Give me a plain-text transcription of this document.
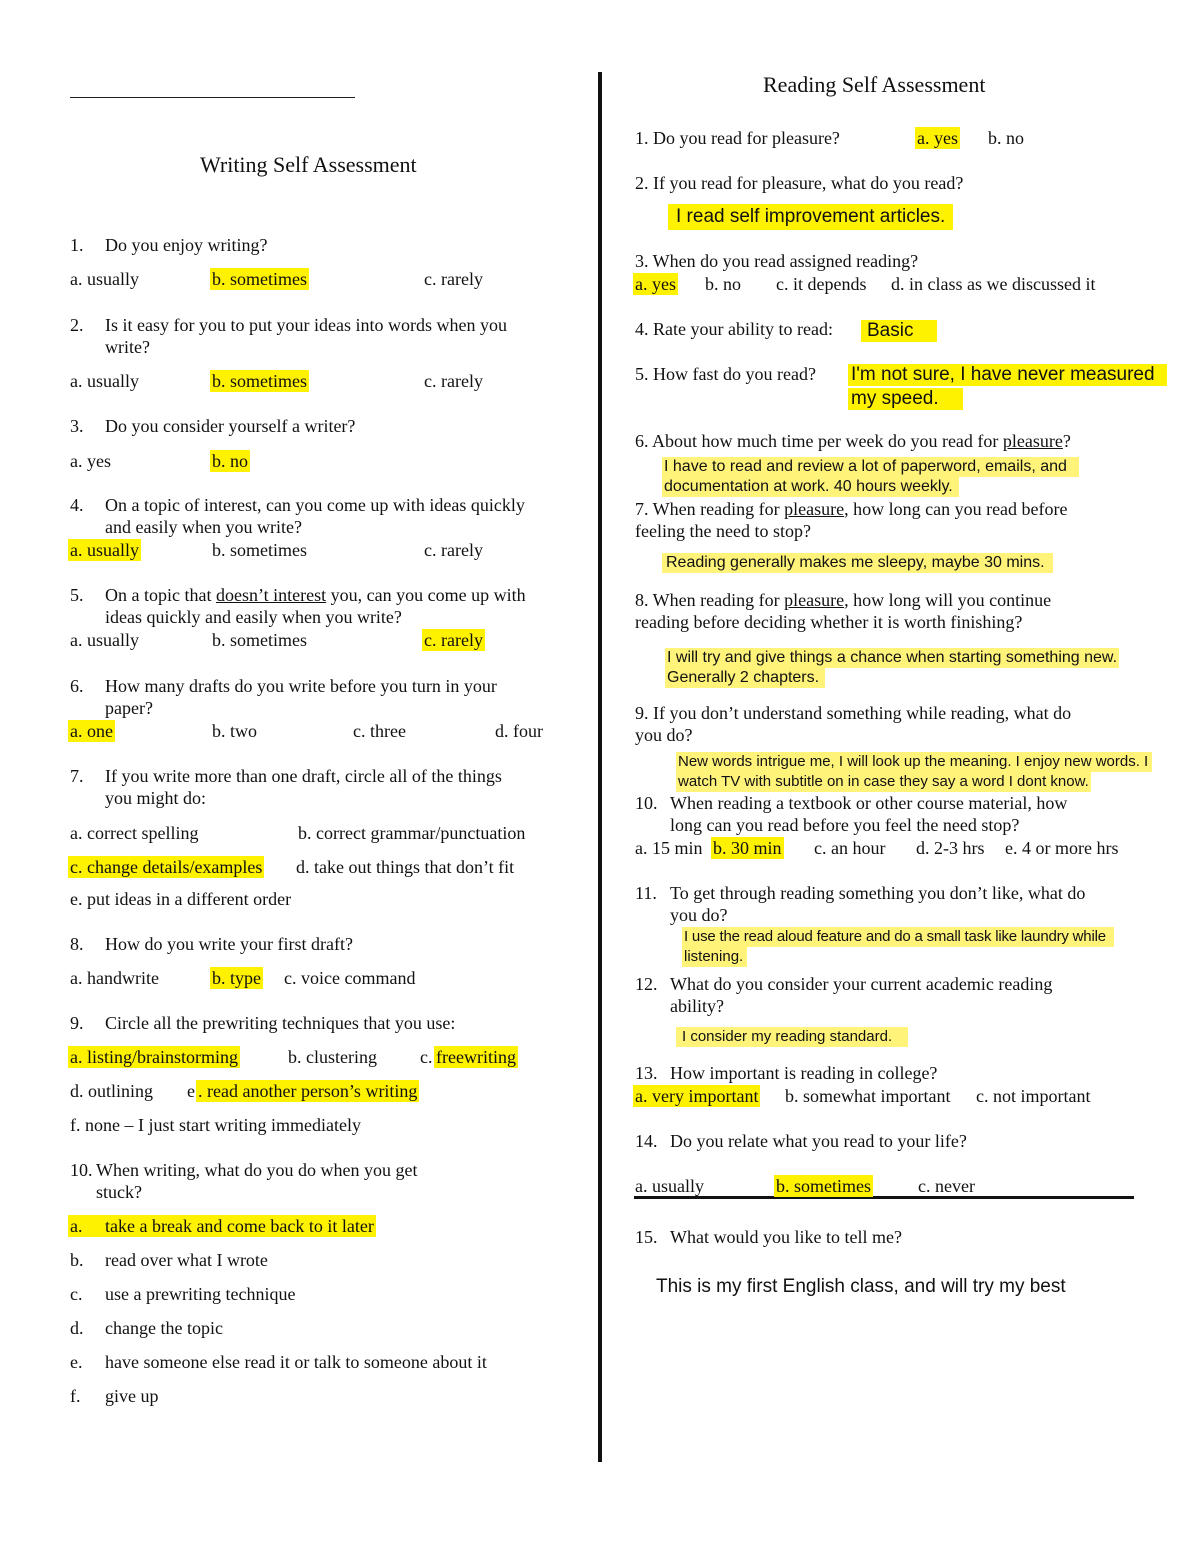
Writing Self Assessment
1. Do you enjoy writing?
a. usually	b. sometimes	c. rarely
2. Is it easy for you to put your ideas into words when you
write?
a. usually	b. sometimes	c. rarely
3. Do you consider yourself a writer?
a. yes	b. no
4. On a topic of interest, can you come up with ideas quickly
and easily when you write?
a. usually	b. sometimes	c. rarely
5. On a topic that doesn’t interest you, can you come up with
ideas quickly and easily when you write?
a. usually	b. sometimes	c. rarely
6. How many drafts do you write before you turn in your
paper?
a. one	b. two	c. three	d. four
7. If you write more than one draft, circle all of the things
you might do:
a. correct spelling	b. correct grammar/punctuation
c. change details/examples d. take out things that don’t fit
e. put ideas in a different order
8. How do you write your first draft?
a. handwrite	b. type c. voice command
9. Circle all the prewriting techniques that you use:
a. listing/brainstorming	b. clustering c. freewriting
d. outlining e . read another person’s writing
f. none – I just start writing immediately
10. When writing, what do you do when you get
stuck?
a. take a break and come back to it later
b. read over what I wrote
c. use a prewriting technique
d. change the topic
e. have someone else read it or talk to someone about it
f. give up
Reading Self Assessment
1. Do you read for pleasure?	a. yes b. no
2. If you read for pleasure, what do you read?
I read self improvement articles.
3. When do you read assigned reading?
a. yes b. no c. it depends d. in class as we discussed it
4. Rate your ability to read:	Basic
5. How fast do you read? I'm not sure, I have never measured
my speed.
6. About how much time per week do you read for pleasure?
I have to read and review a lot of paperword, emails, and
documentation at work. 40 hours weekly.
7. When reading for pleasure, how long can you read before
feeling the need to stop?
Reading generally makes me sleepy, maybe 30 mins.
8. When reading for pleasure, how long will you continue
reading before deciding whether it is worth finishing?
I will try and give things a chance when starting something new.
Generally 2 chapters.
9. If you don’t understand something while reading, what do
you do?
New words intrigue me, I will look up the meaning. I enjoy new words. I
watch TV with subtitle on in case they say a word I dont know.
10. When reading a textbook or other course material, how
long can you read before you feel the need stop?
a. 15 min b. 30 min c. an hour d. 2-3 hrs e. 4 or more hrs
11. To get through reading something you don’t like, what do
you do?
I use the read aloud feature and do a small task like laundry while
listening.
12. What do you consider your current academic reading
ability?
I consider my reading standard.
13. How important is reading in college?
a. very important b. somewhat important c. not important
14. Do you relate what you read to your life?
a. usually	b. sometimes	c. never
15. What would you like to tell me?
This is my first English class, and will try my best
